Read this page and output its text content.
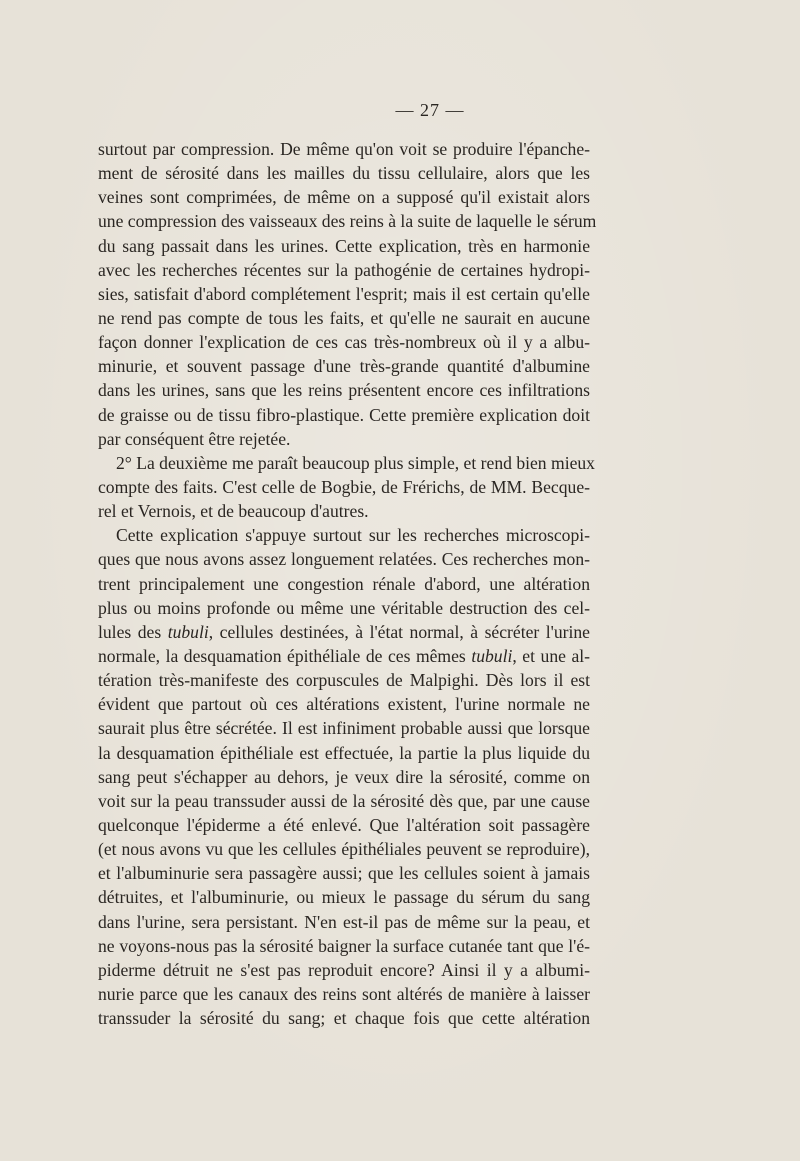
— 27 —
surtout par compression. De même qu'on voit se produire l'épanche-
ment de sérosité dans les mailles du tissu cellulaire, alors que les
veines sont comprimées, de même on a supposé qu'il existait alors
une compression des vaisseaux des reins à la suite de laquelle le sérum
du sang passait dans les urines. Cette explication, très en harmonie
avec les recherches récentes sur la pathogénie de certaines hydropi-
sies, satisfait d'abord complétement l'esprit; mais il est certain qu'elle
ne rend pas compte de tous les faits, et qu'elle ne saurait en aucune
façon donner l'explication de ces cas très-nombreux où il y a albu-
minurie, et souvent passage d'une très-grande quantité d'albumine
dans les urines, sans que les reins présentent encore ces infiltrations
de graisse ou de tissu fibro-plastique. Cette première explication doit
par conséquent être rejetée.
2° La deuxième me paraît beaucoup plus simple, et rend bien mieux
compte des faits. C'est celle de Bogbie, de Frérichs, de MM. Becque-
rel et Vernois, et de beaucoup d'autres.
Cette explication s'appuye surtout sur les recherches microscopi-
ques que nous avons assez longuement relatées. Ces recherches mon-
trent principalement une congestion rénale d'abord, une altération
plus ou moins profonde ou même une véritable destruction des cel-
lules des tubuli, cellules destinées, à l'état normal, à sécréter l'urine
normale, la desquamation épithéliale de ces mêmes tubuli, et une al-
tération très-manifeste des corpuscules de Malpighi. Dès lors il est
évident que partout où ces altérations existent, l'urine normale ne
saurait plus être sécrétée. Il est infiniment probable aussi que lorsque
la desquamation épithéliale est effectuée, la partie la plus liquide du
sang peut s'échapper au dehors, je veux dire la sérosité, comme on
voit sur la peau transsuder aussi de la sérosité dès que, par une cause
quelconque l'épiderme a été enlevé. Que l'altération soit passagère
(et nous avons vu que les cellules épithéliales peuvent se reproduire),
et l'albuminurie sera passagère aussi; que les cellules soient à jamais
détruites, et l'albuminurie, ou mieux le passage du sérum du sang
dans l'urine, sera persistant. N'en est-il pas de même sur la peau, et
ne voyons-nous pas la sérosité baigner la surface cutanée tant que l'é-
piderme détruit ne s'est pas reproduit encore? Ainsi il y a albumi-
nurie parce que les canaux des reins sont altérés de manière à laisser
transsuder la sérosité du sang; et chaque fois que cette altération
